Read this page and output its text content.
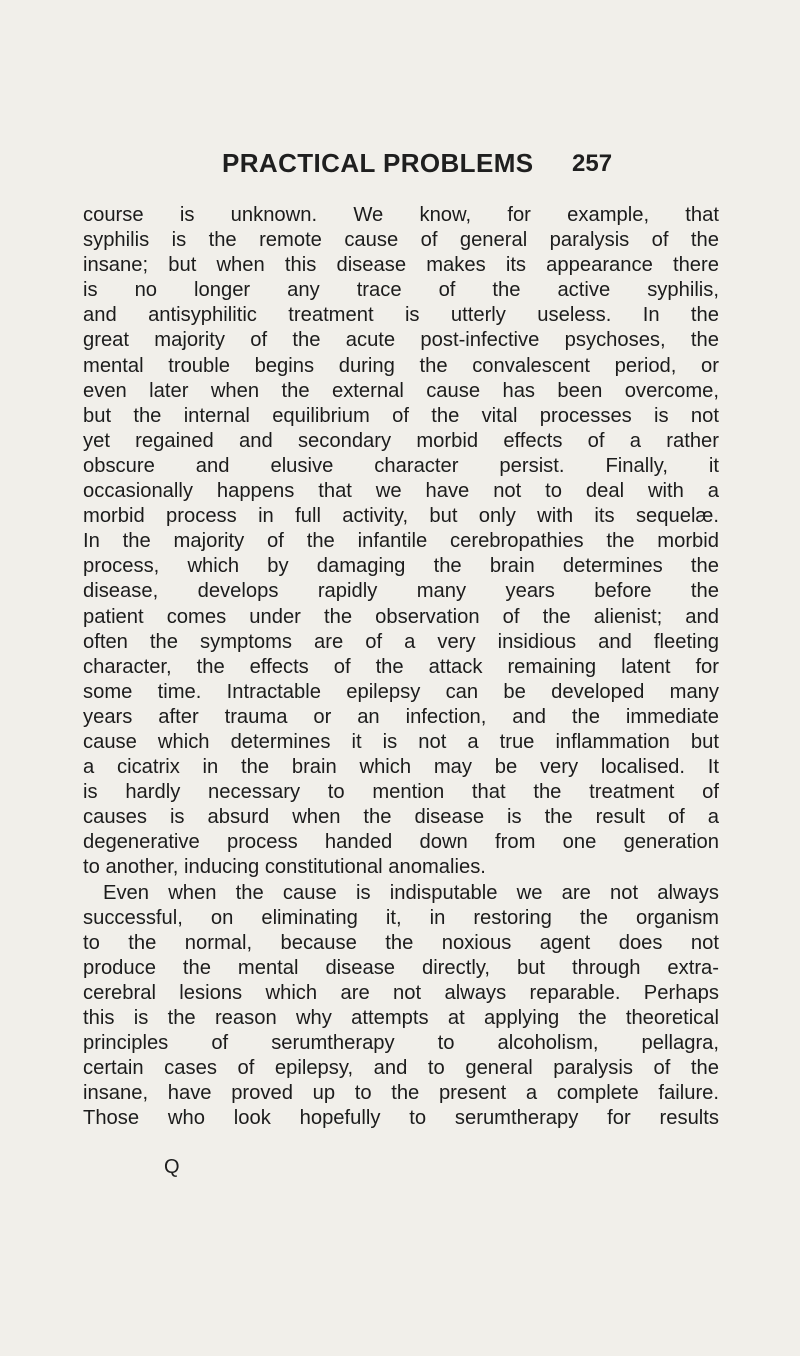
PRACTICAL PROBLEMS 257
course is unknown. We know, for example, that
syphilis is the remote cause of general paralysis of the
insane; but when this disease makes its appearance there
is no longer any trace of the active syphilis,
and antisyphilitic treatment is utterly useless. In the
great majority of the acute post-infective psychoses, the
mental trouble begins during the convalescent period, or
even later when the external cause has been overcome,
but the internal equilibrium of the vital processes is not
yet regained and secondary morbid effects of a rather
obscure and elusive character persist. Finally, it
occasionally happens that we have not to deal with a
morbid process in full activity, but only with its sequelæ.
In the majority of the infantile cerebropathies the morbid
process, which by damaging the brain determines the
disease, develops rapidly many years before the
patient comes under the observation of the alienist; and
often the symptoms are of a very insidious and fleeting
character, the effects of the attack remaining latent for
some time. Intractable epilepsy can be developed many
years after trauma or an infection, and the immediate
cause which determines it is not a true inflammation but
a cicatrix in the brain which may be very localised. It
is hardly necessary to mention that the treatment of
causes is absurd when the disease is the result of a
degenerative process handed down from one generation
to another, inducing constitutional anomalies.
Even when the cause is indisputable we are not always
successful, on eliminating it, in restoring the organism
to the normal, because the noxious agent does not
produce the mental disease directly, but through extra-
cerebral lesions which are not always reparable. Perhaps
this is the reason why attempts at applying the theoretical
principles of serumtherapy to alcoholism, pellagra,
certain cases of epilepsy, and to general paralysis of the
insane, have proved up to the present a complete failure.
Those who look hopefully to serumtherapy for results
Q
